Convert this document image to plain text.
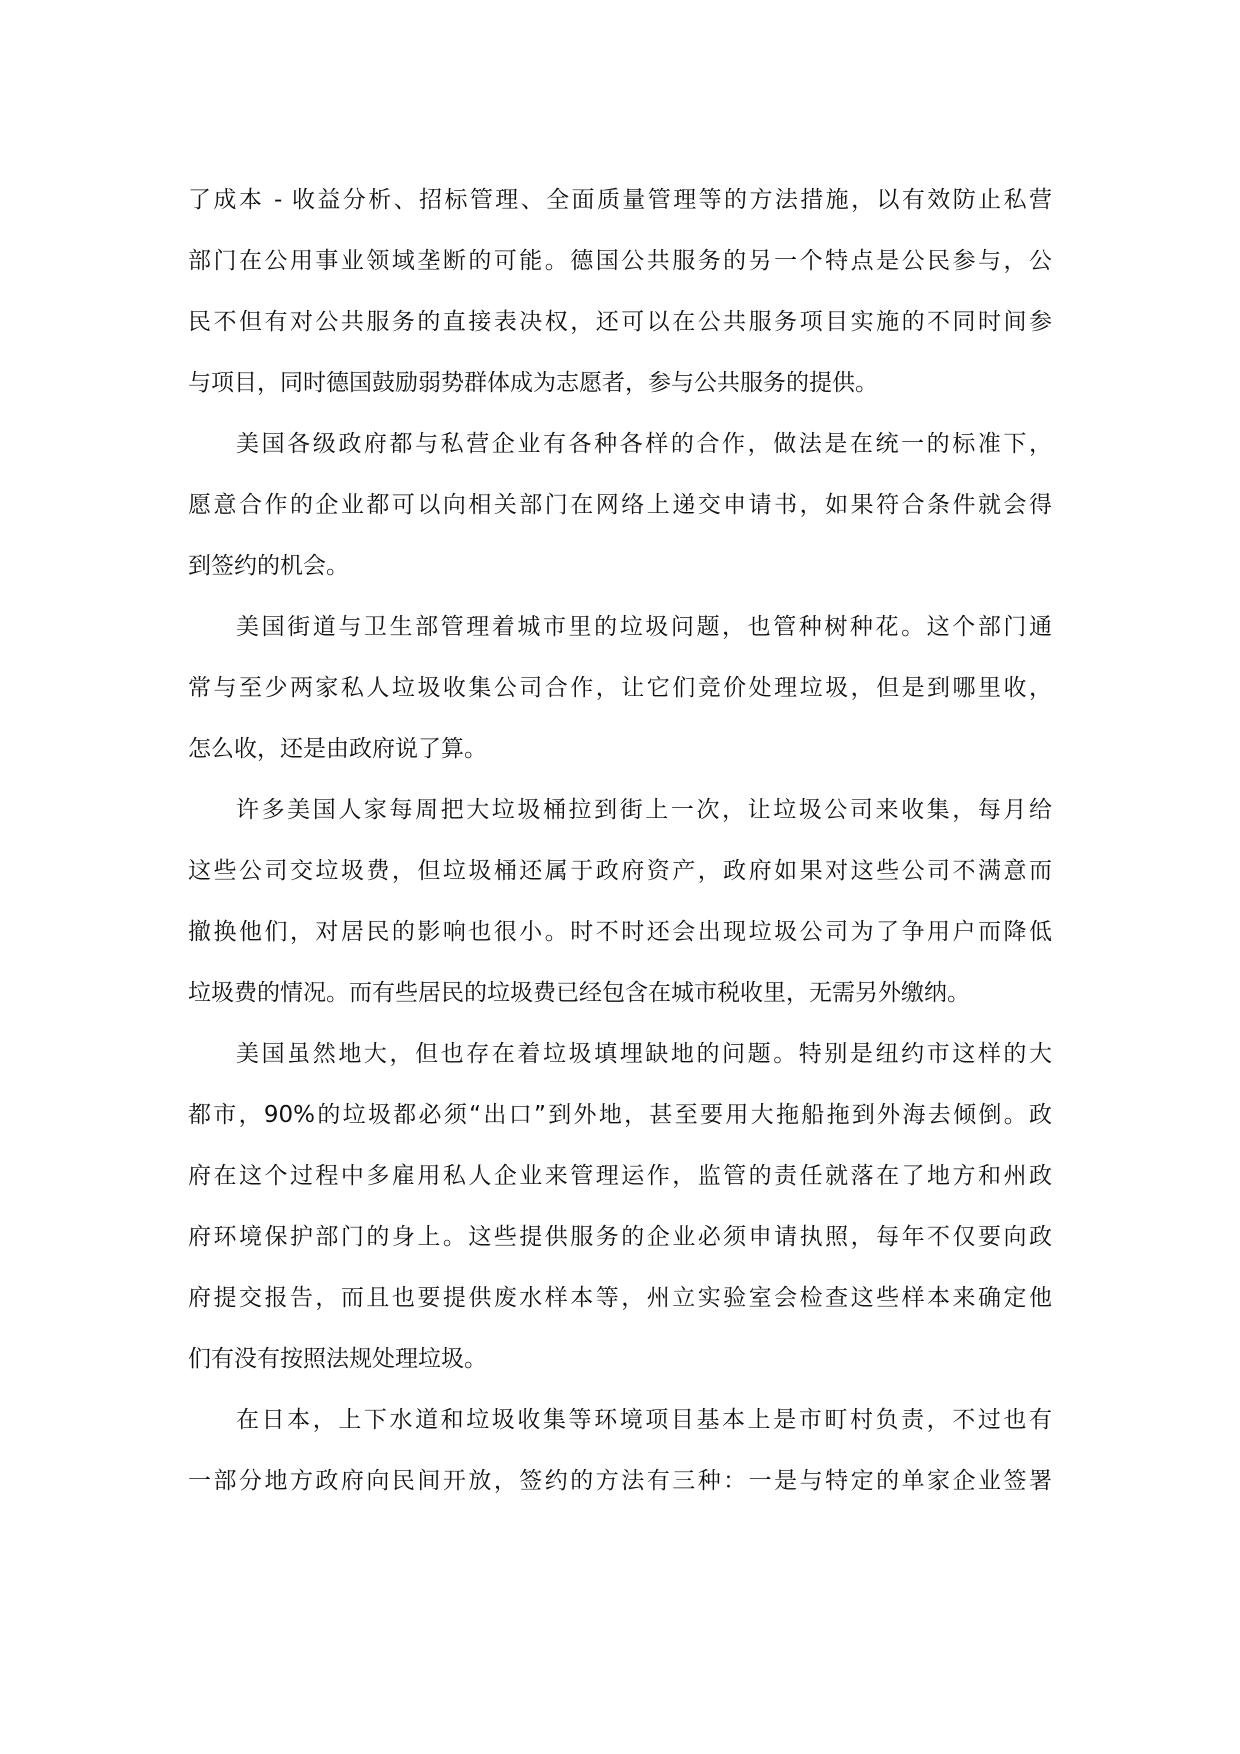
了成本 - 收益分析、招标管理、全面质量管理等的方法措施，以有效防止私营
部门在公用事业领域垄断的可能。德国公共服务的另一个特点是公民参与，公
民不但有对公共服务的直接表决权，还可以在公共服务项目实施的不同时间参
与项目，同时德国鼓励弱势群体成为志愿者，参与公共服务的提供。
美国各级政府都与私营企业有各种各样的合作，做法是在统一的标准下，
愿意合作的企业都可以向相关部门在网络上递交申请书，如果符合条件就会得
到签约的机会。
美国街道与卫生部管理着城市里的垃圾问题，也管种树种花。这个部门通
常与至少两家私人垃圾收集公司合作，让它们竞价处理垃圾，但是到哪里收，
怎么收，还是由政府说了算。
许多美国人家每周把大垃圾桶拉到街上一次，让垃圾公司来收集，每月给
这些公司交垃圾费，但垃圾桶还属于政府资产，政府如果对这些公司不满意而
撤换他们，对居民的影响也很小。时不时还会出现垃圾公司为了争用户而降低
垃圾费的情况。而有些居民的垃圾费已经包含在城市税收里，无需另外缴纳。
美国虽然地大，但也存在着垃圾填埋缺地的问题。特别是纽约市这样的大
都市，90%的垃圾都必须“出口”到外地，甚至要用大拖船拖到外海去倾倒。政
府在这个过程中多雇用私人企业来管理运作，监管的责任就落在了地方和州政
府环境保护部门的身上。这些提供服务的企业必须申请执照，每年不仅要向政
府提交报告，而且也要提供废水样本等，州立实验室会检查这些样本来确定他
们有没有按照法规处理垃圾。
在日本，上下水道和垃圾收集等环境项目基本上是市町村负责，不过也有
一部分地方政府向民间开放，签约的方法有三种：一是与特定的单家企业签署
